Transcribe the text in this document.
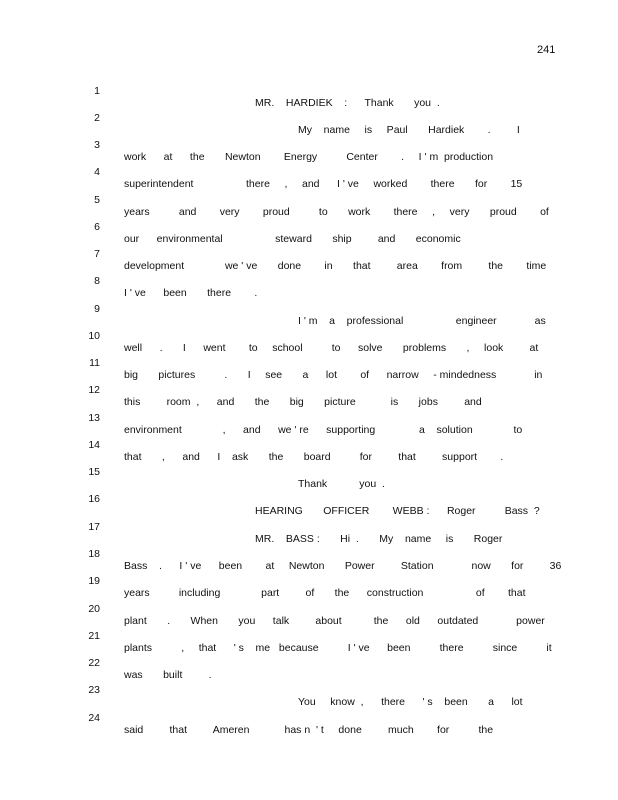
241

1

MR.    HARDIEK    :      Thank       you  .

2

My    name     is     Paul       Hardiek        .         I

3

work      at      the       Newton        Energy          Center        .     I ' m  production

4

superintendent                  there     ,     and      I ' ve     worked        there       for        15

5

years          and        very        proud          to       work        there     ,     very       proud        of

6

our      environmental                  steward       ship         and       economic

7

development              we ' ve       done        in       that         area        from         the        time

8

I ' ve      been       there        .

9

I ' m    a    professional                  engineer             as

10

well      .       I      went        to     school          to      solve       problems       ,     look         at

11

big       pictures          .       I     see       a      lot        of      narrow     - mindedness             in

12

this         room  ,      and       the       big       picture            is       jobs         and

13

environment              ,      and      we ' re      supporting               a    solution              to

14

that       ,      and      I    ask       the       board          for         that         support        .

15

Thank           you  .

16

HEARING       OFFICER        WEBB :      Roger          Bass  ?

17

MR.    BASS :       Hi  .       My    name     is       Roger

18

Bass    .      I ' ve      been        at     Newton       Power         Station             now       for         36

19

years          including              part         of       the      construction                  of        that

20

plant       .       When       you      talk         about           the      old      outdated             power

21

plants          ,     that      ' s    me   because          I ' ve      been          there          since          it

22

was       built         .

23

You     know  ,      there      ' s    been       a      lot

24

said         that         Ameren            has n  ' t     done         much        for          the
